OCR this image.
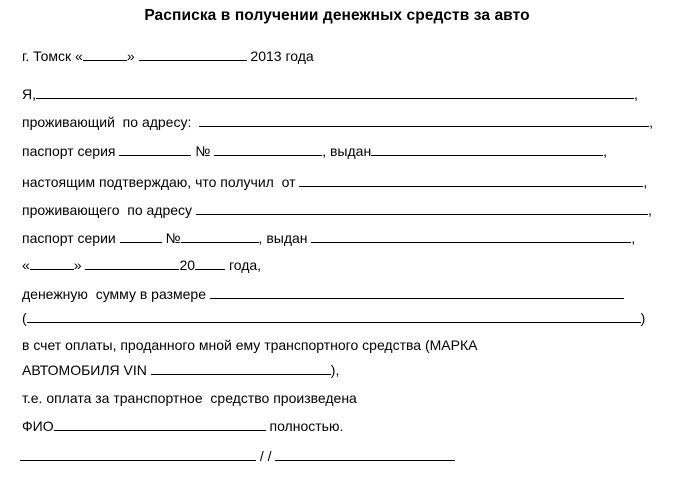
Расписка в получении денежных средств за авто
г. Томск «	»	2013 года
Я,	,
проживающий  по адресу:	,
паспорт серия	№	, выдан	,
настоящим подтверждаю, что получил  от	,
проживающего  по адресу	,
паспорт серии	№	, выдан	,
«	»	20 года,
денежную  сумму в размере
(	)
в счет оплаты, проданного мной ему транспортного средства (МАРКА
АВТОМОБИЛЯ VIN	),
т.е. оплата за транспортное  средство произведена
ФИО	полностью.
/ /
